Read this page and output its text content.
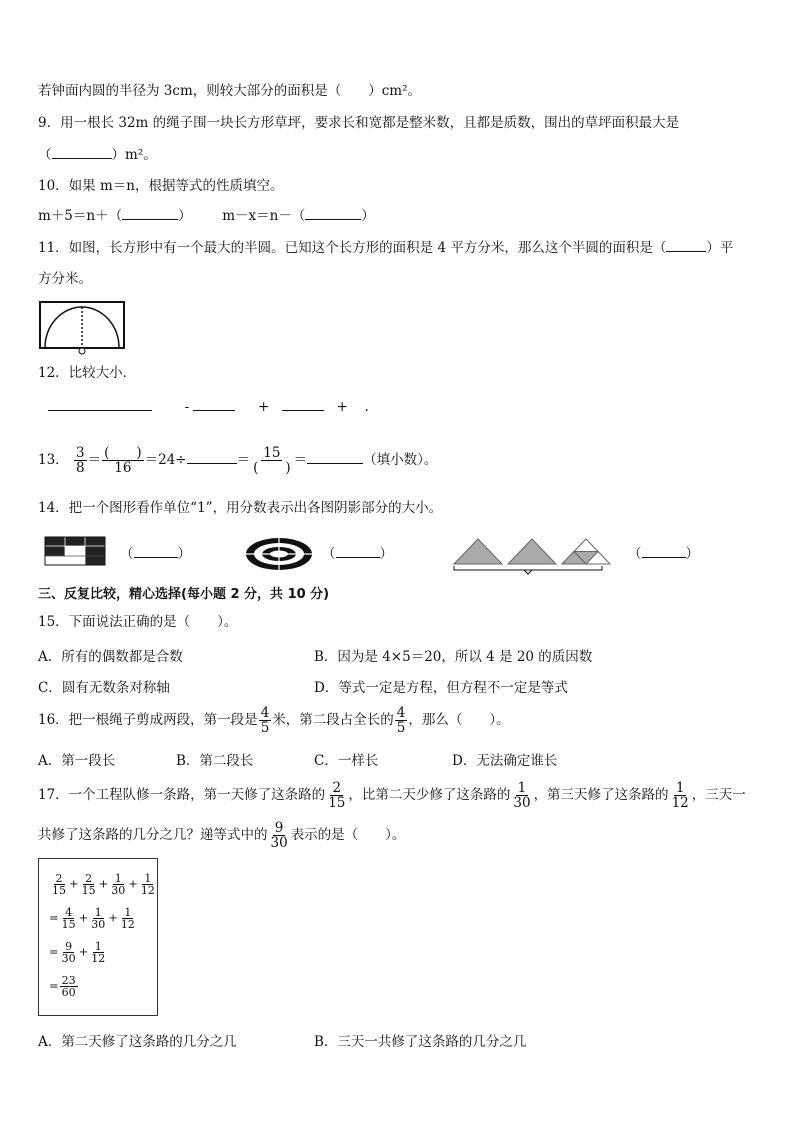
若钟面内圆的半径为 3cm，则较大部分的面积是（　　）cm²。
9．用一根长 32m 的绳子围一块长方形草坪，要求长和宽都是整米数，且都是质数，围出的草坪面积最大是
（	）m²。
10．如果 m＝n，根据等式的性质填空。
m＋5＝n＋（	） m－x＝n－（	）
11．如图，长方形中有一个最大的半圆。已知这个长方形的面积是 4 平方分米，那么这个半圆的面积是（	）平
方分米。
12．比较大小．
-	+	+ .
13． $\frac{3}{8} = \frac{( )}{16} =24\div$	＝ $\frac{15}{( )}$ ＝	（填小数）。
14．把一个图形看作单位“1”，用分数表示出各图阴影部分的大小。
（	）	（	）	（	）
三、反复比较，精心选择(每小题 2 分，共 10 分)
15．下面说法正确的是（　　）。
A．所有的偶数都是合数	B．因为是 4×5＝20，所以 4 是 20 的质因数
C．圆有无数条对称轴	D．等式一定是方程，但方程不一定是等式
16．把一根绳子剪成两段，第一段是 $\frac{4}{5}$ 米，第二段占全长的 $\frac{4}{5}$ ，那么（　　）。
A．第一段长	B．第二段长	C．一样长	D．无法确定谁长
17．一个工程队修一条路，第一天修了这条路的 $\frac{2}{15}$ ，比第二天少修了这条路的 $\frac{1}{30}$ ，第三天修了这条路的 $\frac{1}{12}$ ，三天一
共修了这条路的几分之几？递等式中的 $\frac{9}{30}$ 表示的是（　　）。
$\frac{2}{15} + \frac{2}{15} + \frac{1}{30} + \frac{1}{12}$
= $\frac{4}{15} + \frac{1}{30} + \frac{1}{12}$
= $\frac{9}{30} + \frac{1}{12}$
= $\frac{23}{60}$
A．第二天修了这条路的几分之几	B．三天一共修了这条路的几分之几
